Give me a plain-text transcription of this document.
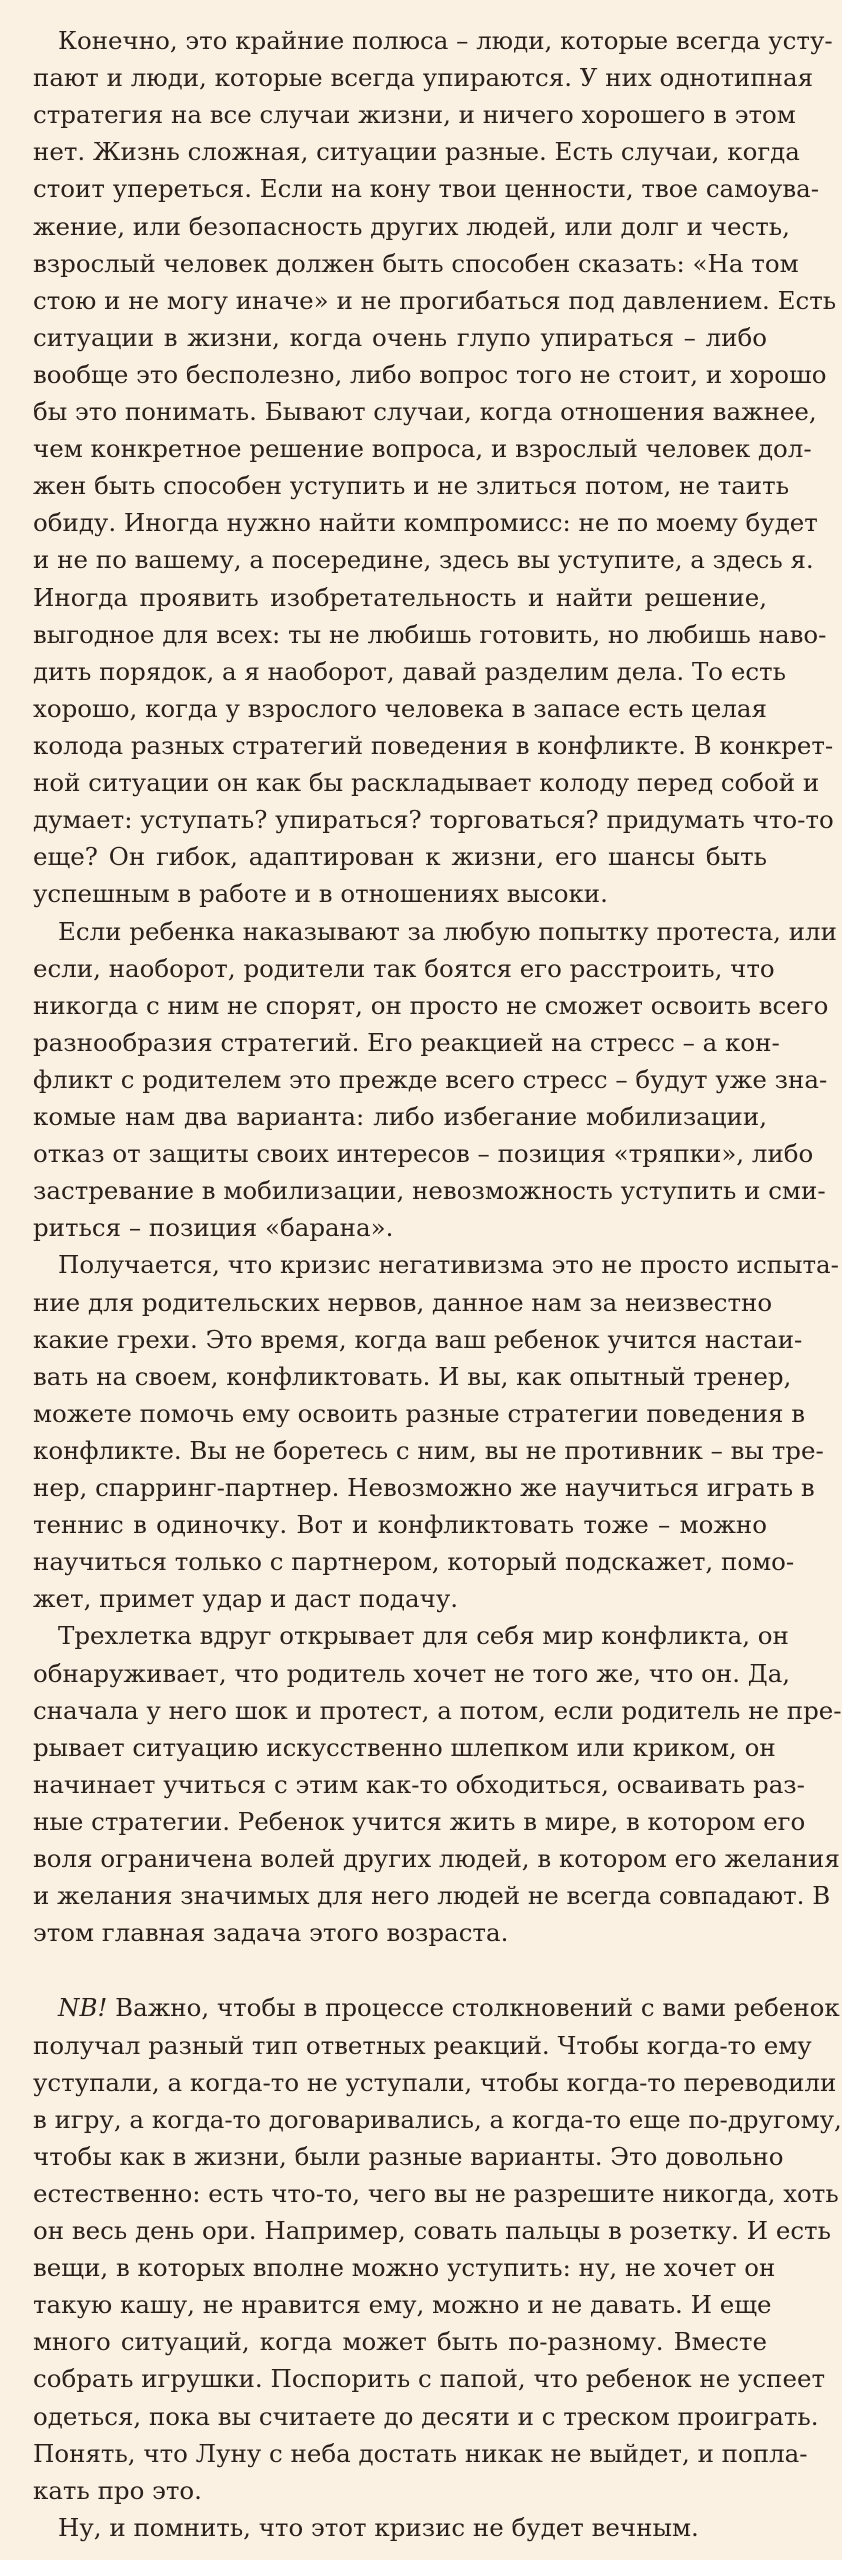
Конечно, это крайние полюса – люди, которые всегда усту-
пают и люди, которые всегда упираются. У них однотипная
стратегия на все случаи жизни, и ничего хорошего в этом
нет. Жизнь сложная, ситуации разные. Есть случаи, когда
стоит упереться. Если на кону твои ценности, твое самоува-
жение, или безопасность других людей, или долг и честь,
взрослый человек должен быть способен сказать: «На том
стою и не могу иначе» и не прогибаться под давлением. Есть
ситуации в жизни, когда очень глупо упираться – либо
вообще это бесполезно, либо вопрос того не стоит, и хорошо
бы это понимать. Бывают случаи, когда отношения важнее,
чем конкретное решение вопроса, и взрослый человек дол-
жен быть способен уступить и не злиться потом, не таить
обиду. Иногда нужно найти компромисс: не по моему будет
и не по вашему, а посередине, здесь вы уступите, а здесь я.
Иногда проявить изобретательность и найти решение,
выгодное для всех: ты не любишь готовить, но любишь наво-
дить порядок, а я наоборот, давай разделим дела. То есть
хорошо, когда у взрослого человека в запасе есть целая
колода разных стратегий поведения в конфликте. В конкрет-
ной ситуации он как бы раскладывает колоду перед собой и
думает: уступать? упираться? торговаться? придумать что-то
еще? Он гибок, адаптирован к жизни, его шансы быть
успешным в работе и в отношениях высоки.
Если ребенка наказывают за любую попытку протеста, или
если, наоборот, родители так боятся его расстроить, что
никогда с ним не спорят, он просто не сможет освоить всего
разнообразия стратегий. Его реакцией на стресс – а кон-
фликт с родителем это прежде всего стресс – будут уже зна-
комые нам два варианта: либо избегание мобилизации,
отказ от защиты своих интересов – позиция «тряпки», либо
застревание в мобилизации, невозможность уступить и сми-
риться – позиция «барана».
Получается, что кризис негативизма это не просто испыта-
ние для родительских нервов, данное нам за неизвестно
какие грехи. Это время, когда ваш ребенок учится настаи-
вать на своем, конфликтовать. И вы, как опытный тренер,
можете помочь ему освоить разные стратегии поведения в
конфликте. Вы не боретесь с ним, вы не противник – вы тре-
нер, спарринг-партнер. Невозможно же научиться играть в
теннис в одиночку. Вот и конфликтовать тоже – можно
научиться только с партнером, который подскажет, помо-
жет, примет удар и даст подачу.
Трехлетка вдруг открывает для себя мир конфликта, он
обнаруживает, что родитель хочет не того же, что он. Да,
сначала у него шок и протест, а потом, если родитель не пре-
рывает ситуацию искусственно шлепком или криком, он
начинает учиться с этим как-то обходиться, осваивать раз-
ные стратегии. Ребенок учится жить в мире, в котором его
воля ограничена волей других людей, в котором его желания
и желания значимых для него людей не всегда совпадают. В
этом главная задача этого возраста.
NB! Важно, чтобы в процессе столкновений с вами ребенок
получал разный тип ответных реакций. Чтобы когда-то ему
уступали, а когда-то не уступали, чтобы когда-то переводили
в игру, а когда-то договаривались, а когда-то еще по-другому,
чтобы как в жизни, были разные варианты. Это довольно
естественно: есть что-то, чего вы не разрешите никогда, хоть
он весь день ори. Например, совать пальцы в розетку. И есть
вещи, в которых вполне можно уступить: ну, не хочет он
такую кашу, не нравится ему, можно и не давать. И еще
много ситуаций, когда может быть по-разному. Вместе
собрать игрушки. Поспорить с папой, что ребенок не успеет
одеться, пока вы считаете до десяти и с треском проиграть.
Понять, что Луну с неба достать никак не выйдет, и попла-
кать про это.
Ну, и помнить, что этот кризис не будет вечным.
